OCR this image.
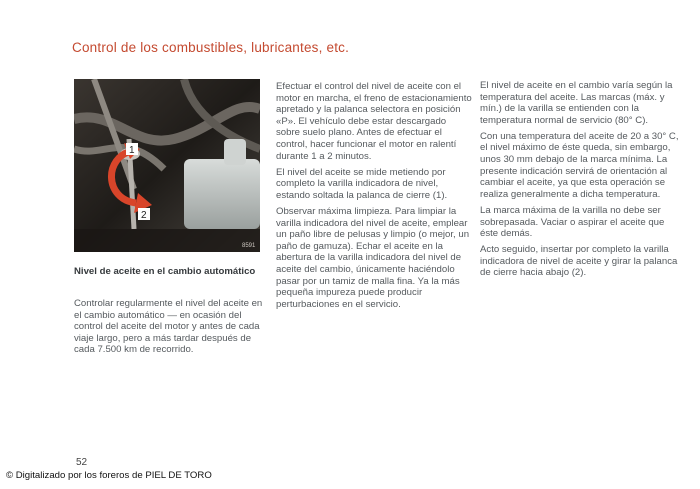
Control de los combustibles, lubricantes, etc.
1
2
8591
Nivel de aceite en el cambio automático

Controlar regularmente el nivel del aceite en el cambio automático — en ocasión del control del aceite del motor y antes de cada viaje largo, pero a más tardar después de cada 7.500 km de recorrido.

Efectuar el control del nivel de aceite con el motor en marcha, el freno de estacionamiento apretado y la palanca selectora en posición «P». El vehículo debe estar descargado sobre suelo plano. Antes de efectuar el control, hacer funcionar el motor en ralentí durante 1 a 2 minutos.

El nivel del aceite se mide metiendo por completo la varilla indicadora de nivel, estando soltada la palanca de cierre (1).

Observar máxima limpieza. Para limpiar la varilla indicadora del nivel de aceite, emplear un paño libre de pelusas y limpio (o mejor, un paño de gamuza). Echar el aceite en la abertura de la varilla indicadora del nivel de aceite del cambio, únicamente haciéndolo pasar por un tamiz de malla fina. Ya la más pequeña impureza puede producir perturbaciones en el servicio.

El nivel de aceite en el cambio varía según la temperatura del aceite. Las marcas (máx. y mín.) de la varilla se entienden con la temperatura normal de servicio (80° C).

Con una temperatura del aceite de 20 a 30° C, el nivel máximo de éste queda, sin embargo, unos 30 mm debajo de la marca mínima. La presente indicación servirá de orientación al cambiar el aceite, ya que esta operación se realiza generalmente a dicha temperatura.

La marca máxima de la varilla no debe ser sobrepasada. Vaciar o aspirar el aceite que éste demás.

Acto seguido, insertar por completo la varilla indicadora de nivel de aceite y girar la palanca de cierre hacia abajo (2).

52
© Digitalizado por los foreros de PIEL DE TORO
